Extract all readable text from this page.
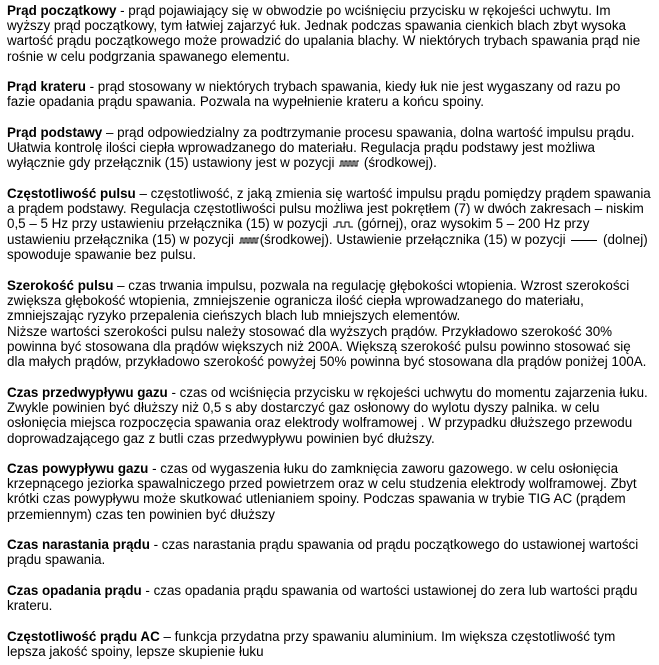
Prąd początkowy - prąd pojawiający się w obwodzie po wciśnięciu przycisku w rękojeści uchwytu. Im
wyższy prąd początkowy, tym łatwiej zajarzyć łuk. Jednak podczas spawania cienkich blach zbyt wysoka
wartość prądu początkowego może prowadzić do upalania blachy. W niektórych trybach spawania prąd nie
rośnie w celu podgrzania spawanego elementu.

Prąd krateru - prąd stosowany w niektórych trybach spawania, kiedy łuk nie jest wygaszany od razu po
fazie opadania prądu spawania. Pozwala na wypełnienie krateru a końcu spoiny.

Prąd podstawy – prąd odpowiedzialny za podtrzymanie procesu spawania, dolna wartość impulsu prądu.
Ułatwia kontrolę ilości ciepła wprowadzanego do materiału. Regulacja prądu podstawy jest możliwa
wyłącznie gdy przełącznik (15) ustawiony jest w pozycji
(środkowej).

Częstotliwość pulsu – częstotliwość, z jaką zmienia się wartość impulsu prądu pomiędzy prądem spawania
a prądem podstawy. Regulacja częstotliwości pulsu możliwa jest pokrętłem (7) w dwóch zakresach – niskim
0,5 – 5 Hz przy ustawieniu przełącznika (15) w pozycji
(górnej), oraz wysokim 5 – 200 Hz przy
ustawieniu przełącznika (15) w pozycji
(środkowej). Ustawienie przełącznika (15) w pozycji  (dolnej)
spowoduje spawanie bez pulsu.

Szerokość pulsu – czas trwania impulsu, pozwala na regulację głębokości wtopienia. Wzrost szerokości
zwiększa głębokość wtopienia, zmniejszenie ogranicza ilość ciepła wprowadzanego do materiału,
zmniejszając ryzyko przepalenia cieńszych blach lub mniejszych elementów.
Niższe wartości szerokości pulsu należy stosować dla wyższych prądów. Przykładowo szerokość 30%
powinna być stosowana dla prądów większych niż 200A. Większą szerokość pulsu powinno stosować się
dla małych prądów, przykładowo szerokość powyżej 50% powinna być stosowana dla prądów poniżej 100A.

Czas przedwypływu gazu - czas od wciśnięcia przycisku w rękojeści uchwytu do momentu zajarzenia łuku.
Zwykle powinien być dłuższy niż 0,5 s aby dostarczyć gaz osłonowy do wylotu dyszy palnika. w celu
osłonięcia miejsca rozpoczęcia spawania oraz elektrody wolframowej . W przypadku dłuższego przewodu
doprowadzającego gaz z butli czas przedwypływu powinien być dłuższy.

Czas powypływu gazu - czas od wygaszenia łuku do zamknięcia zaworu gazowego. w celu osłonięcia
krzepnącego jeziorka spawalniczego przed powietrzem oraz w celu studzenia elektrody wolframowej. Zbyt
krótki czas powypływu może skutkować utlenianiem spoiny. Podczas spawania w trybie TIG AC (prądem
przemiennym) czas ten powinien być dłuższy

Czas narastania prądu - czas narastania prądu spawania od prądu początkowego do ustawionej wartości
prądu spawania.

Czas opadania prądu - czas opadania prądu spawania od wartości ustawionej do zera lub wartości prądu
krateru.

Częstotliwość prądu AC – funkcja przydatna przy spawaniu aluminium. Im większa częstotliwość tym
lepsza jakość spoiny, lepsze skupienie łuku
